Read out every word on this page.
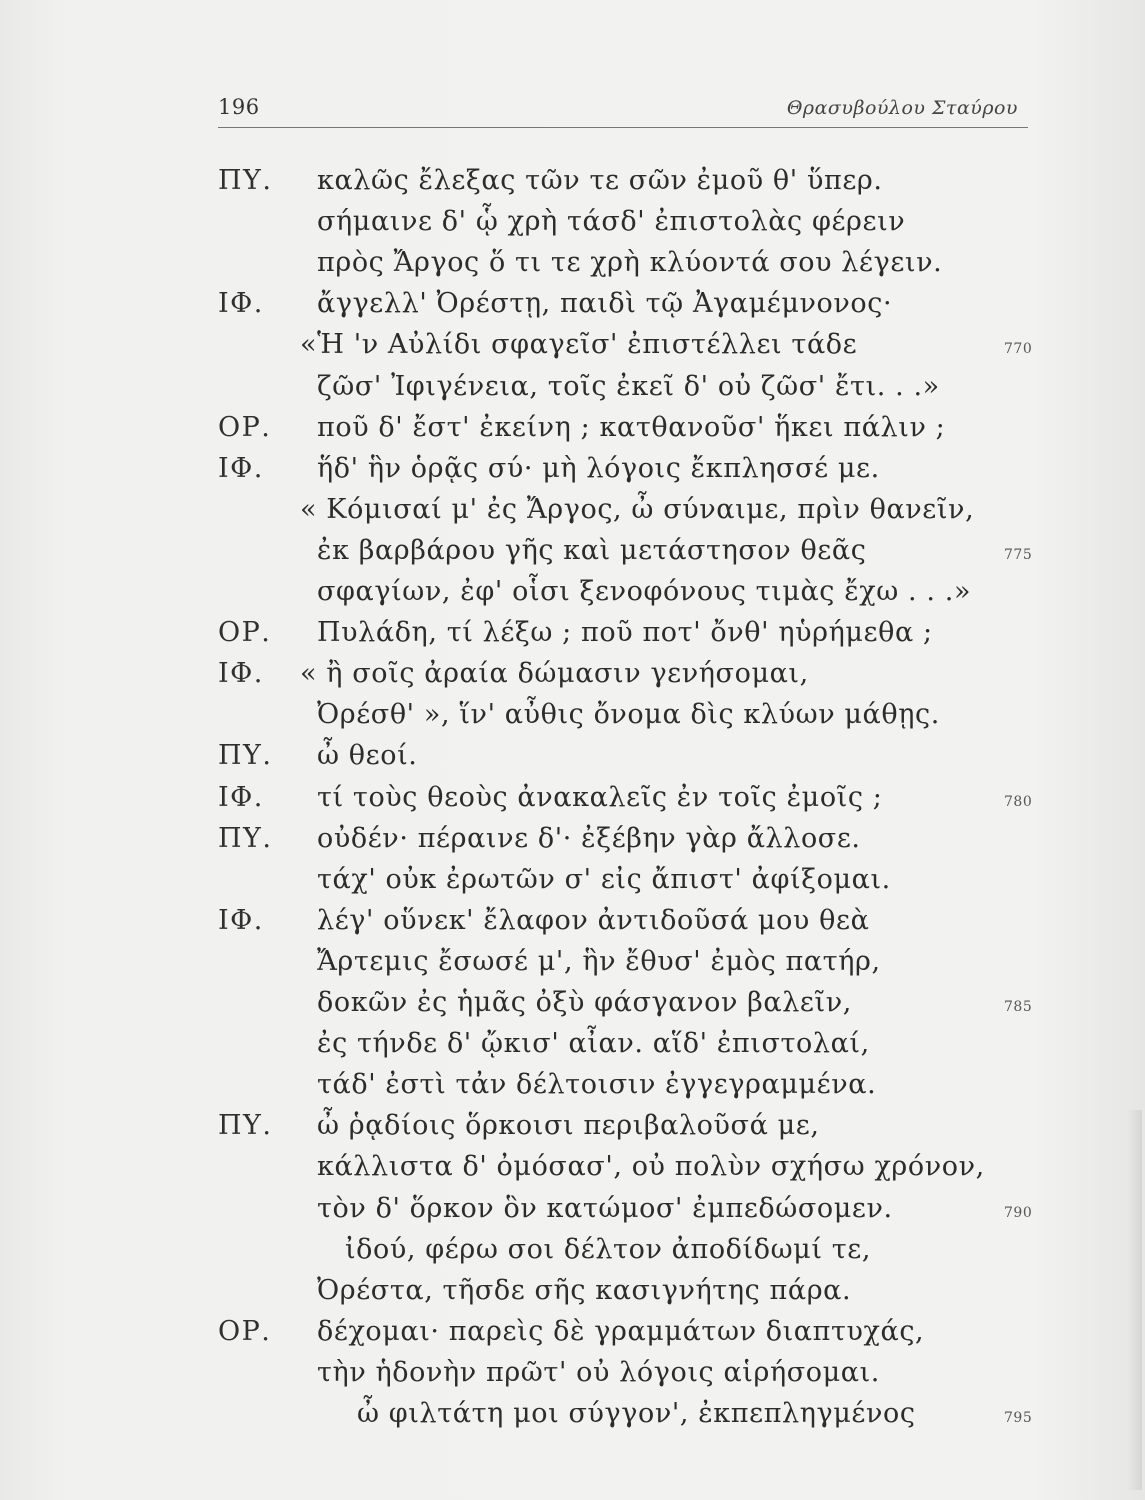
196	Θρασυβούλου Σταύρου
ΠΥ. καλῶς ἔλεξας τῶν τε σῶν ἐμοῦ θ' ὕπερ.
σήμαινε δ' ᾧ χρὴ τάσδ' ἐπιστολὰς φέρειν
πρὸς Ἄργος ὅ τι τε χρὴ κλύοντά σου λέγειν.
ΙΦ. ἄγγελλ' Ὀρέστῃ, παιδὶ τῷ Ἀγαμέμνονος·
«Ἡ 'ν Αὐλίδι σφαγεῖσ' ἐπιστέλλει τάδε	770
ζῶσ' Ἰφιγένεια, τοῖς ἐκεῖ δ' οὐ ζῶσ' ἔτι. . .»
ΟΡ. ποῦ δ' ἔστ' ἐκείνη ; κατθανοῦσ' ἥκει πάλιν ;
ΙΦ. ἥδ' ἣν ὁρᾷς σύ· μὴ λόγοις ἔκπλησσέ με.
« Κόμισαί μ' ἐς Ἄργος, ὦ σύναιμε, πρὶν θανεῖν,
ἐκ βαρβάρου γῆς καὶ μετάστησον θεᾶς	775
σφαγίων, ἐφ' οἷσι ξενοφόνους τιμὰς ἔχω . . .»
ΟΡ. Πυλάδη, τί λέξω ; ποῦ ποτ' ὄνθ' ηὑρήμεθα ;
ΙΦ. « ἢ σοῖς ἀραία δώμασιν γενήσομαι,
Ὀρέσθ' », ἵν' αὖθις ὄνομα δὶς κλύων μάθῃς.
ΠΥ. ὦ θεοί.
ΙΦ. τί τοὺς θεοὺς ἀνακαλεῖς ἐν τοῖς ἐμοῖς ;	780
ΠΥ. οὐδέν· πέραινε δ'· ἐξέβην γὰρ ἄλλοσε.
τάχ' οὐκ ἐρωτῶν σ' εἰς ἄπιστ' ἀφίξομαι.
ΙΦ. λέγ' οὕνεκ' ἔλαφον ἀντιδοῦσά μου θεὰ
Ἄρτεμις ἔσωσέ μ', ἣν ἔθυσ' ἐμὸς πατήρ,
δοκῶν ἐς ἡμᾶς ὀξὺ φάσγανον βαλεῖν,	785
ἐς τήνδε δ' ᾤκισ' αἶαν. αἵδ' ἐπιστολαί,
τάδ' ἐστὶ τἀν δέλτοισιν ἐγγεγραμμένα.
ΠΥ. ὦ ῥᾳδίοις ὅρκοισι περιβαλοῦσά με,
κάλλιστα δ' ὀμόσασ', οὐ πολὺν σχήσω χρόνον,
τὸν δ' ὅρκον ὃν κατώμοσ' ἐμπεδώσομεν.	790
ἰδού, φέρω σοι δέλτον ἀποδίδωμί τε,
Ὀρέστα, τῆσδε σῆς κασιγνήτης πάρα.
ΟΡ. δέχομαι· παρεὶς δὲ γραμμάτων διαπτυχάς,
τὴν ἡδονὴν πρῶτ' οὐ λόγοις αἱρήσομαι.
ὦ φιλτάτη μοι σύγγον', ἐκπεπληγμένος	795
